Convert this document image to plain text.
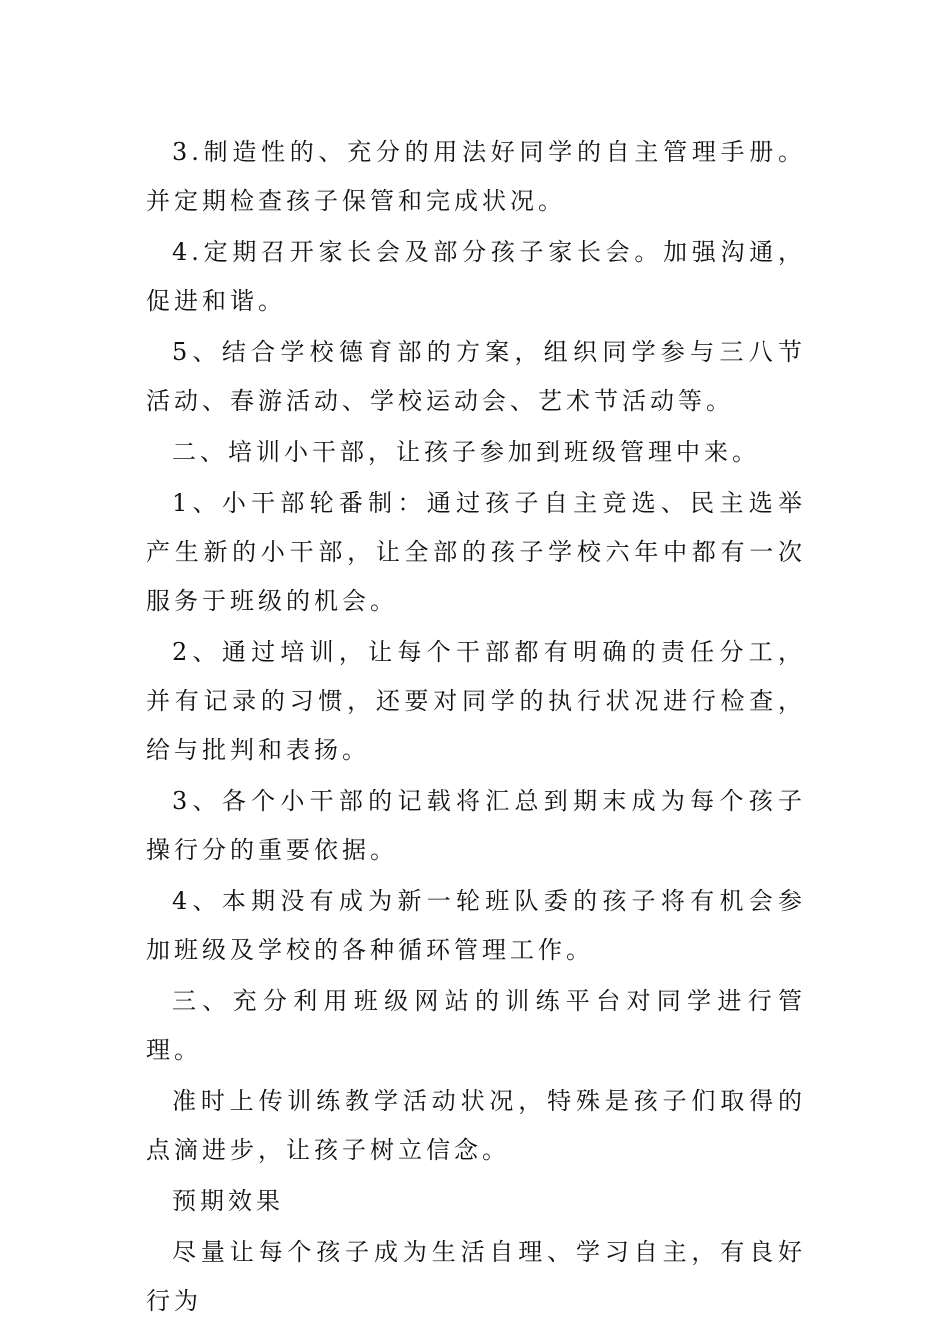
3.制造性的、充分的用法好同学的自主管理手册。并定期检查孩子保管和完成状况。

4.定期召开家长会及部分孩子家长会。加强沟通，促进和谐。

5、结合学校德育部的方案，组织同学参与三八节活动、春游活动、学校运动会、艺术节活动等。

二、培训小干部，让孩子参加到班级管理中来。

1、小干部轮番制：通过孩子自主竞选、民主选举产生新的小干部，让全部的孩子学校六年中都有一次服务于班级的机会。

2、通过培训，让每个干部都有明确的责任分工，并有记录的习惯，还要对同学的执行状况进行检查，给与批判和表扬。

3、各个小干部的记载将汇总到期末成为每个孩子操行分的重要依据。

4、本期没有成为新一轮班队委的孩子将有机会参加班级及学校的各种循环管理工作。

三、充分利用班级网站的训练平台对同学进行管理。

准时上传训练教学活动状况，特殊是孩子们取得的点滴进步，让孩子树立信念。

预期效果

尽量让每个孩子成为生活自理、学习自主，有良好行为
